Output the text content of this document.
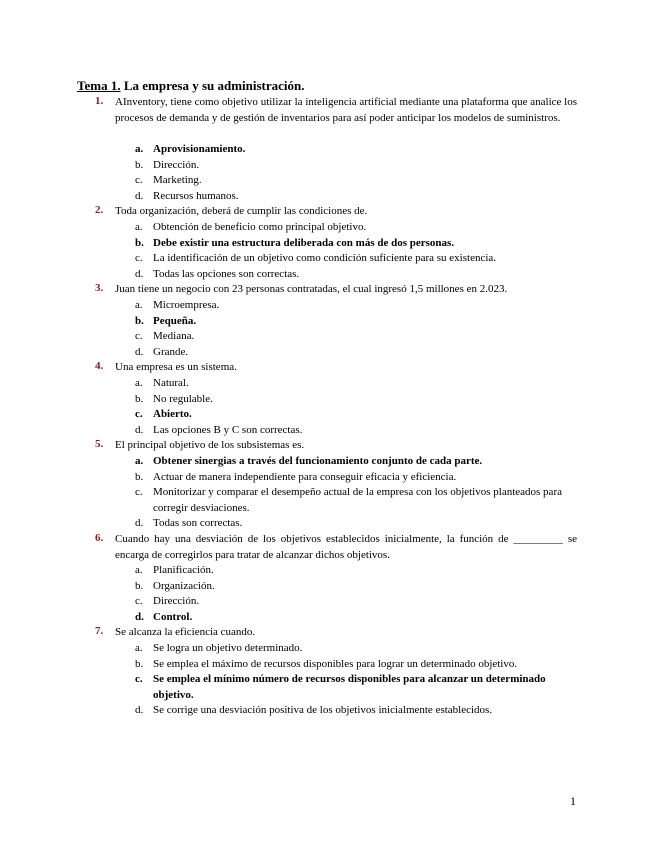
Tema 1. La empresa y su administración.
1.	AInventory, tiene como objetivo utilizar la inteligencia artificial mediante una plataforma que analice los procesos de demanda y de gestión de inventarios para así poder anticipar los modelos de suministros.
a. Aprovisionamiento.
b. Dirección.
c. Marketing.
d. Recursos humanos.
2.	Toda organización, deberá de cumplir las condiciones de.
a. Obtención de beneficio como principal objetivo.
b. Debe existir una estructura deliberada con más de dos personas.
c. La identificación de un objetivo como condición suficiente para su existencia.
d. Todas las opciones son correctas.
3.	Juan tiene un negocio con 23 personas contratadas, el cual ingresó 1,5 millones en 2.023.
a. Microempresa.
b. Pequeña.
c. Mediana.
d. Grande.
4.	Una empresa es un sistema.
a. Natural.
b. No regulable.
c. Abierto.
d. Las opciones B y C son correctas.
5.	El principal objetivo de los subsistemas es.
a. Obtener sinergias a través del funcionamiento conjunto de cada parte.
b. Actuar de manera independiente para conseguir eficacia y eficiencia.
c. Monitorizar y comparar el desempeño actual de la empresa con los objetivos planteados para corregir desviaciones.
d. Todas son correctas.
6.	Cuando hay una desviación de los objetivos establecidos inicialmente, la función de _________ se encarga de corregirlos para tratar de alcanzar dichos objetivos.
a. Planificación.
b. Organización.
c. Dirección.
d. Control.
7.	Se alcanza la eficiencia cuando.
a. Se logra un objetivo determinado.
b. Se emplea el máximo de recursos disponibles para lograr un determinado objetivo.
c. Se emplea el mínimo número de recursos disponibles para alcanzar un determinado objetivo.
d. Se corrige una desviación positiva de los objetivos inicialmente establecidos.
1
